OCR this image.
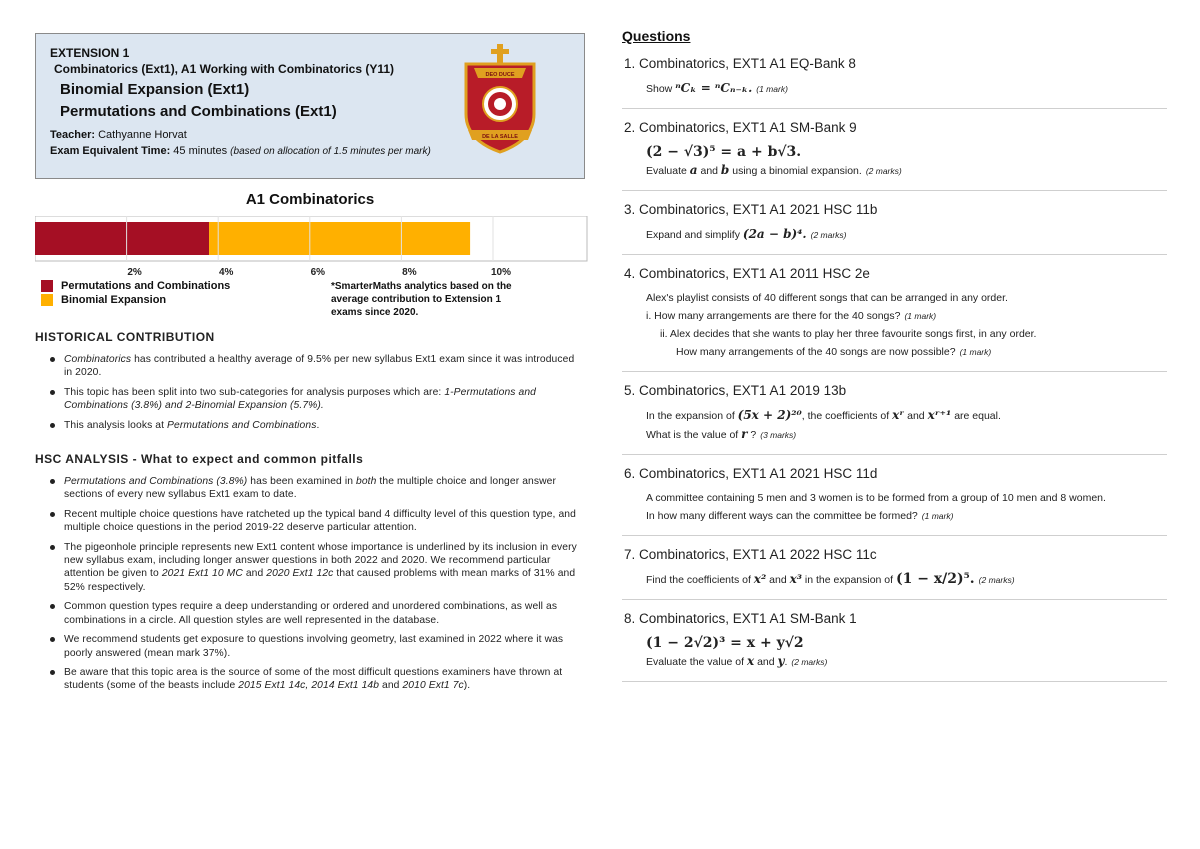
EXTENSION 1
Combinatorics (Ext1), A1 Working with Combinatorics (Y11)
Binomial Expansion (Ext1)
Permutations and Combinations (Ext1)
Teacher: Cathyanne Horvat
Exam Equivalent Time: 45 minutes (based on allocation of 1.5 minutes per mark)
DEO DUCE
DE LA SALLE
A1 Combinatorics
2%	4%	6%	8%	10%
Permutations and Combinations
Binomial Expansion
*SmarterMaths analytics based on the average contribution to Extension 1 exams since 2020.
HISTORICAL CONTRIBUTION
Combinatorics has contributed a healthy average of 9.5% per new syllabus Ext1 exam since it was introduced in 2020.
This topic has been split into two sub-categories for analysis purposes which are: 1-Permutations and Combinations (3.8%) and 2-Binomial Expansion (5.7%).
This analysis looks at Permutations and Combinations.
HSC ANALYSIS - What to expect and common pitfalls
Permutations and Combinations (3.8%) has been examined in both the multiple choice and longer answer sections of every new syllabus Ext1 exam to date.
Recent multiple choice questions have ratcheted up the typical band 4 difficulty level of this question type, and multiple choice questions in the period 2019-22 deserve particular attention.
The pigeonhole principle represents new Ext1 content whose importance is underlined by its inclusion in every new syllabus exam, including longer answer questions in both 2022 and 2020. We recommend particular attention be given to 2021 Ext1 10 MC and 2020 Ext1 12c that caused problems with mean marks of 31% and 52% respectively.
Common question types require a deep understanding or ordered and unordered combinations, as well as combinations in a circle. All question styles are well represented in the database.
We recommend students get exposure to questions involving geometry, last examined in 2022 where it was poorly answered (mean mark 37%).
Be aware that this topic area is the source of some of the most difficult questions examiners have thrown at students (some of the beasts include 2015 Ext1 14c, 2014 Ext1 14b and 2010 Ext1 7c).
Questions
1. Combinatorics, EXT1 A1 EQ-Bank 8
Show ⁿCₖ = ⁿCₙ₋ₖ. (1 mark)
2. Combinatorics, EXT1 A1 SM-Bank 9
(2 − √3)⁵ = a + b√3.
Evaluate a and b using a binomial expansion. (2 marks)
3. Combinatorics, EXT1 A1 2021 HSC 11b
Expand and simplify (2a − b)⁴. (2 marks)
4. Combinatorics, EXT1 A1 2011 HSC 2e
Alex's playlist consists of 40 different songs that can be arranged in any order.
i. How many arrangements are there for the 40 songs? (1 mark)
ii. Alex decides that she wants to play her three favourite songs first, in any order.
How many arrangements of the 40 songs are now possible? (1 mark)
5. Combinatorics, EXT1 A1 2019 13b
In the expansion of (5x + 2)²⁰, the coefficients of xʳ and xʳ⁺¹ are equal.
What is the value of r ? (3 marks)
6. Combinatorics, EXT1 A1 2021 HSC 11d
A committee containing 5 men and 3 women is to be formed from a group of 10 men and 8 women.
In how many different ways can the committee be formed? (1 mark)
7. Combinatorics, EXT1 A1 2022 HSC 11c
Find the coefficients of x² and x³ in the expansion of (1 − x/2)⁵. (2 marks)
8. Combinatorics, EXT1 A1 SM-Bank 1
(1 − 2√2)³ = x + y√2
Evaluate the value of x and y. (2 marks)
